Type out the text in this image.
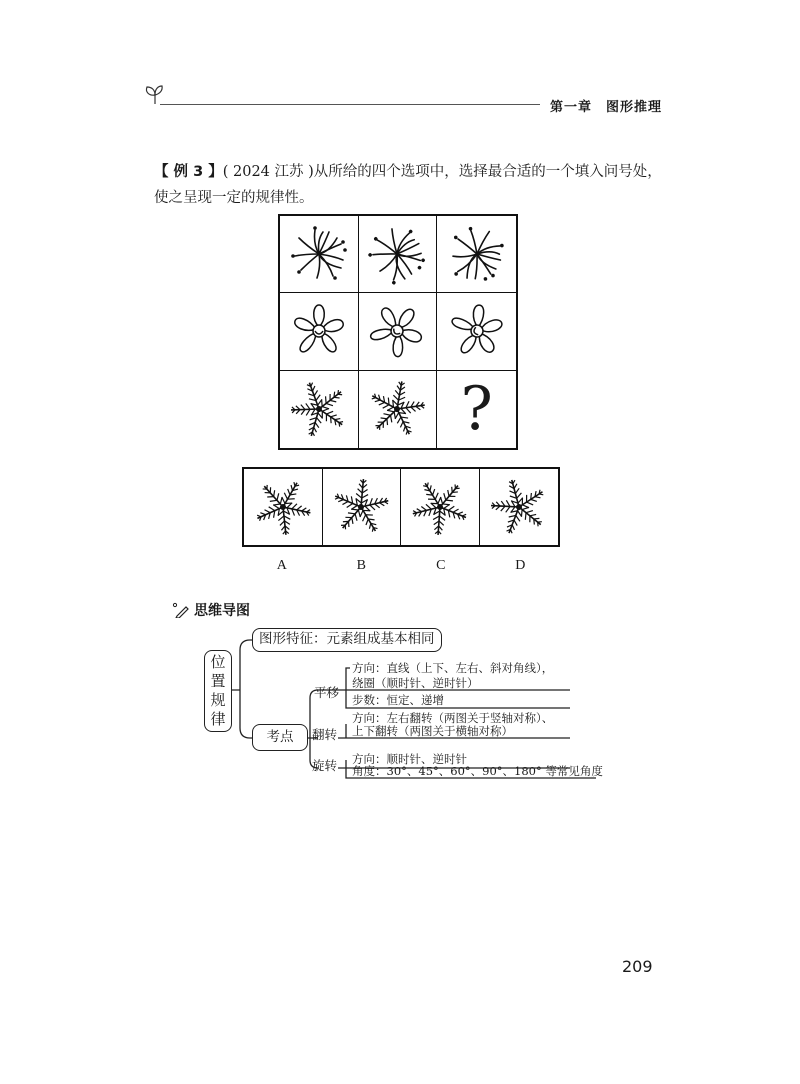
第一章 图形推理
【 例 3 】( 2024 江苏 )从所给的四个选项中，选择最合适的一个填入问号处，使之呈现一定的规律性。
?
A	B	C	D
思维导图
位
置
规
律
图形特征：元素组成基本相同
考点
平移
方向：直线（上下、左右、斜对角线），
绕圈（顺时针、逆时针）
步数：恒定、递增
翻转
方向：左右翻转（两图关于竖轴对称）、
上下翻转（两图关于横轴对称）
旋转 方向：顺时针、逆时针
角度：30°、45°、60°、90°、180° 等常见角度
209
